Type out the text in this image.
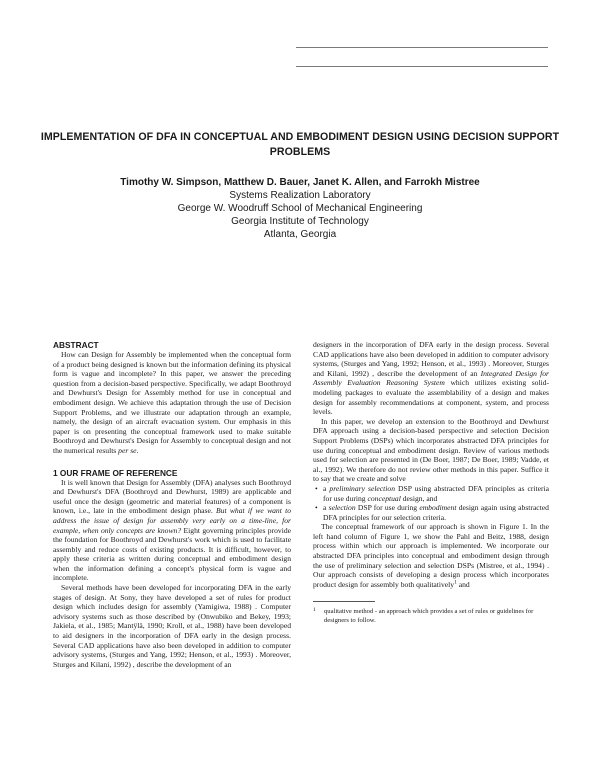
IMPLEMENTATION OF DFA IN CONCEPTUAL AND EMBODIMENT DESIGN USING DECISION SUPPORT PROBLEMS
Timothy W. Simpson, Matthew D. Bauer, Janet K. Allen, and Farrokh Mistree
Systems Realization Laboratory
George W. Woodruff School of Mechanical Engineering
Georgia Institute of Technology
Atlanta, Georgia
ABSTRACT

How can Design for Assembly be implemented when the conceptual form of a product being designed is known but the information defining its physical form is vague and incomplete? In this paper, we answer the preceding question from a decision-based perspective. Specifically, we adapt Boothroyd and Dewhurst's Design for Assembly method for use in conceptual and embodiment design. We achieve this adaptation through the use of Decision Support Problems, and we illustrate our adaptation through an example, namely, the design of an aircraft evacuation system. Our emphasis in this paper is on presenting the conceptual framework used to make suitable Boothroyd and Dewhurst's Design for Assembly to conceptual design and not the numerical results per se.

1 OUR FRAME OF REFERENCE

It is well known that Design for Assembly (DFA) analyses such Boothroyd and Dewhurst's DFA (Boothroyd and Dewhurst, 1989) are applicable and useful once the design (geometric and material features) of a component is known, i.e., late in the embodiment design phase. But what if we want to address the issue of design for assembly very early on a time-line, for example, when only concepts are known? Eight governing principles provide the foundation for Boothroyd and Dewhurst's work which is used to facilitate assembly and reduce costs of existing products. It is difficult, however, to apply these criteria as written during conceptual and embodiment design when the information defining a concept's physical form is vague and incomplete.

Several methods have been developed for incorporating DFA in the early stages of design. At Sony, they have developed a set of rules for product design which includes design for assembly (Yamigiwa, 1988) . Computer advisory systems such as those described by (Onwubiko and Bekey, 1993; Jakiela, et al., 1985; Mantÿlä, 1990; Kroll, et al., 1988) have been developed to aid designers in the incorporation of DFA early in the design process. Several CAD applications have also been developed in addition to computer advisory systems, (Sturges and Yang, 1992; Henson, et al., 1993) . Moreover, Sturges and Kilani, 1992) , describe the development of an

designers in the incorporation of DFA early in the design process. Several CAD applications have also been developed in addition to computer advisory systems, (Sturges and Yang, 1992; Henson, et al., 1993) . Moreover, Sturges and Kilani, 1992) , describe the development of an Integrated Design for Assembly Evaluation Reasoning System which utilizes existing solid-modeling packages to evaluate the assemblability of a design and makes design for assembly recommendations at component, system, and process levels.

In this paper, we develop an extension to the Boothroyd and Dewhurst DFA approach using a decision-based perspective and selection Decision Support Problems (DSPs) which incorporates abstracted DFA principles for use during conceptual and embodiment design. Review of various methods used for selection are presented in (De Boer, 1987; De Boer, 1989; Vadde, et al., 1992). We therefore do not review other methods in this paper. Suffice it to say that we create and solve

• a preliminary selection DSP using abstracted DFA principles as criteria for use during conceptual design, and
• a selection DSP for use during embodiment design again using abstracted DFA principles for our selection criteria.

The conceptual framework of our approach is shown in Figure 1. In the left hand column of Figure 1, we show the Pahl and Beitz, 1988, design process within which our approach is implemented. We incorporate our abstracted DFA principles into conceptual and embodiment design through the use of preliminary selection and selection DSPs (Mistree, et al., 1994) . Our approach consists of developing a design process which incorporates product design for assembly both qualitatively$^1$ and

1 qualitative method - an approach which provides a set of rules or guidelines for designers to follow.
